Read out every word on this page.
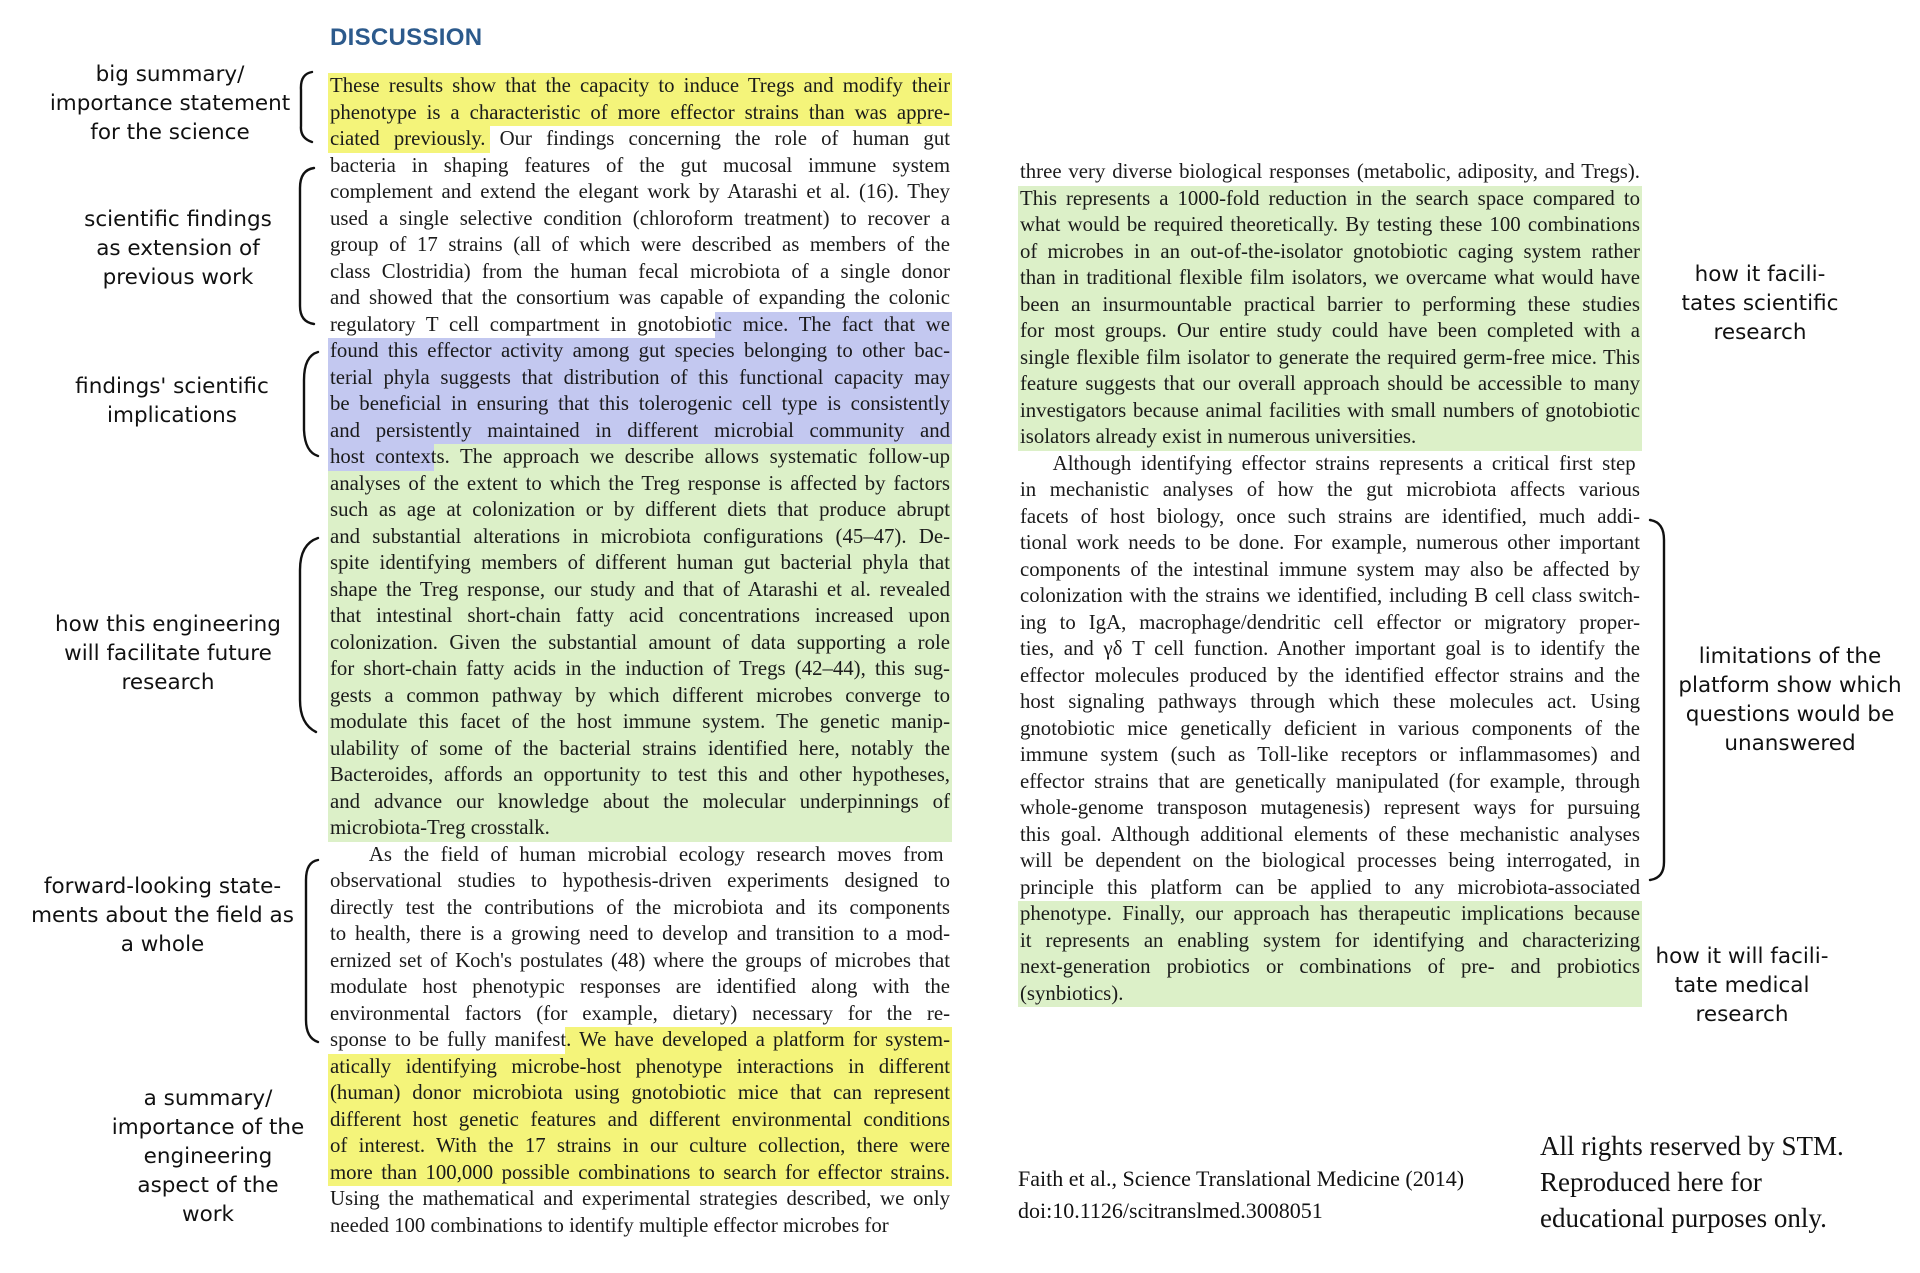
DISCUSSION
These results show that the capacity to induce Tregs and modify their
phenotype is a characteristic of more effector strains than was appre-
ciated previously. Our findings concerning the role of human gut
bacteria in shaping features of the gut mucosal immune system
complement and extend the elegant work by Atarashi et al. (16). They
used a single selective condition (chloroform treatment) to recover a
group of 17 strains (all of which were described as members of the
class Clostridia) from the human fecal microbiota of a single donor
and showed that the consortium was capable of expanding the colonic
regulatory T cell compartment in gnotobiotic mice. The fact that we
found this effector activity among gut species belonging to other bac-
terial phyla suggests that distribution of this functional capacity may
be beneficial in ensuring that this tolerogenic cell type is consistently
and persistently maintained in different microbial community and
host contexts. The approach we describe allows systematic follow-up
analyses of the extent to which the Treg response is affected by factors
such as age at colonization or by different diets that produce abrupt
and substantial alterations in microbiota configurations (45–47). De-
spite identifying members of different human gut bacterial phyla that
shape the Treg response, our study and that of Atarashi et al. revealed
that intestinal short-chain fatty acid concentrations increased upon
colonization. Given the substantial amount of data supporting a role
for short-chain fatty acids in the induction of Tregs (42–44), this sug-
gests a common pathway by which different microbes converge to
modulate this facet of the host immune system. The genetic manip-
ulability of some of the bacterial strains identified here, notably the
Bacteroides, affords an opportunity to test this and other hypotheses,
and advance our knowledge about the molecular underpinnings of
microbiota-Treg crosstalk.
As the field of human microbial ecology research moves from
observational studies to hypothesis-driven experiments designed to
directly test the contributions of the microbiota and its components
to health, there is a growing need to develop and transition to a mod-
ernized set of Koch's postulates (48) where the groups of microbes that
modulate host phenotypic responses are identified along with the
environmental factors (for example, dietary) necessary for the re-
sponse to be fully manifest. We have developed a platform for system-
atically identifying microbe-host phenotype interactions in different
(human) donor microbiota using gnotobiotic mice that can represent
different host genetic features and different environmental conditions
of interest. With the 17 strains in our culture collection, there were
more than 100,000 possible combinations to search for effector strains.
Using the mathematical and experimental strategies described, we only
needed 100 combinations to identify multiple effector microbes for
three very diverse biological responses (metabolic, adiposity, and Tregs).
This represents a 1000-fold reduction in the search space compared to
what would be required theoretically. By testing these 100 combinations
of microbes in an out-of-the-isolator gnotobiotic caging system rather
than in traditional flexible film isolators, we overcame what would have
been an insurmountable practical barrier to performing these studies
for most groups. Our entire study could have been completed with a
single flexible film isolator to generate the required germ-free mice. This
feature suggests that our overall approach should be accessible to many
investigators because animal facilities with small numbers of gnotobiotic
isolators already exist in numerous universities.
Although identifying effector strains represents a critical first step
in mechanistic analyses of how the gut microbiota affects various
facets of host biology, once such strains are identified, much addi-
tional work needs to be done. For example, numerous other important
components of the intestinal immune system may also be affected by
colonization with the strains we identified, including B cell class switch-
ing to IgA, macrophage/dendritic cell effector or migratory proper-
ties, and γδ T cell function. Another important goal is to identify the
effector molecules produced by the identified effector strains and the
host signaling pathways through which these molecules act. Using
gnotobiotic mice genetically deficient in various components of the
immune system (such as Toll-like receptors or inflammasomes) and
effector strains that are genetically manipulated (for example, through
whole-genome transposon mutagenesis) represent ways for pursuing
this goal. Although additional elements of these mechanistic analyses
will be dependent on the biological processes being interrogated, in
principle this platform can be applied to any microbiota-associated
phenotype. Finally, our approach has therapeutic implications because
it represents an enabling system for identifying and characterizing
next-generation probiotics or combinations of pre- and probiotics
(synbiotics).
big summary/
importance statement
for the science
scientific findings
as extension of
previous work
findings' scientific
implications
how this engineering
will facilitate future
research
forward-looking state-
ments about the field as
a whole
a summary/
importance of the
engineering
aspect of the
work
how it facili-
tates scientific
research
limitations of the
platform show which
questions would be
unanswered
how it will facili-
tate medical
research
Faith et al., Science Translational Medicine (2014)
doi:10.1126/scitranslmed.3008051
All rights reserved by STM.
Reproduced here for
educational purposes only.
